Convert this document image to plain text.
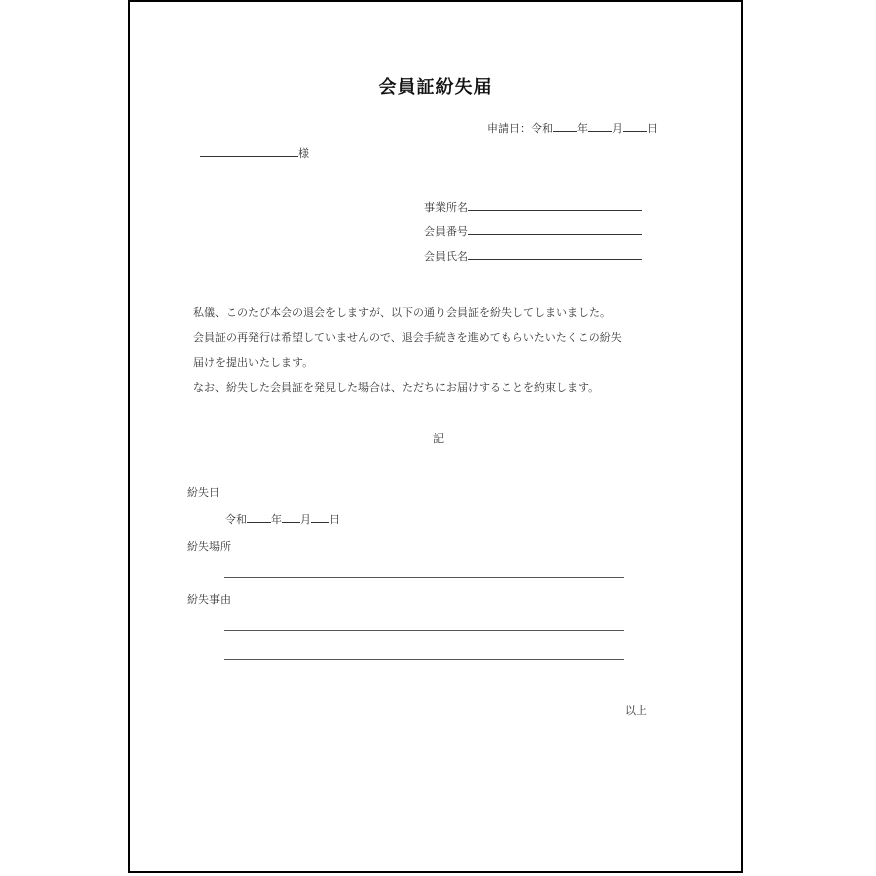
会員証紛失届
申請日：令和 年 月 日
様
事業所名
会員番号
会員氏名

私儀、このたび本会の退会をしますが、以下の通り会員証を紛失してしまいました。

会員証の再発行は希望していませんので、退会手続きを進めてもらいたいたくこの紛失

届けを提出いたします。

なお、紛失した会員証を発見した場合は、ただちにお届けすることを約束します。

記
紛失日
令和 年 月 日
紛失場所
紛失事由
以上
